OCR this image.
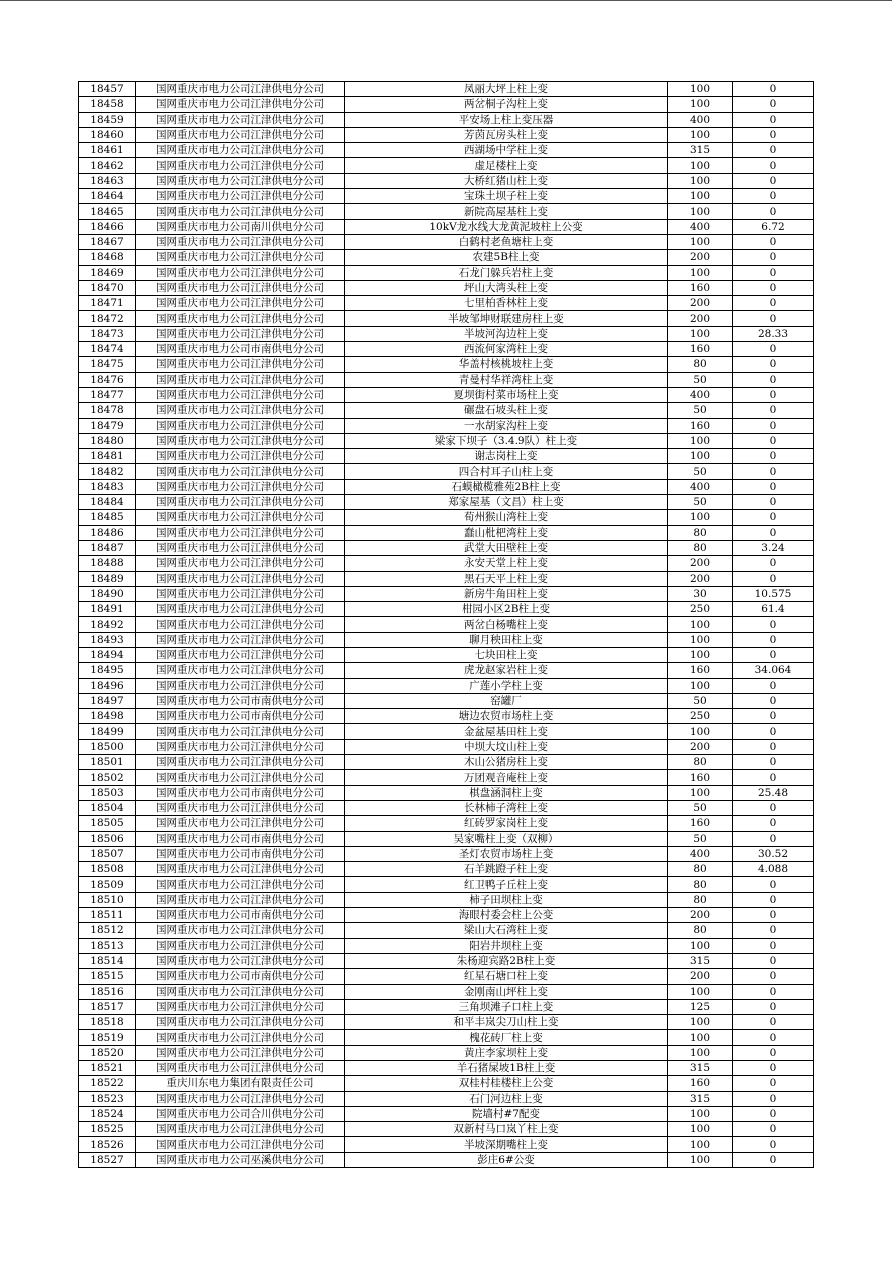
18457	国网重庆市电力公司江津供电分公司	凤丽大坪上柱上变	100	0
18458	国网重庆市电力公司江津供电分公司	两岔桐子沟柱上变	100	0
18459	国网重庆市电力公司江津供电分公司	平安场上柱上变压器	400	0
18460	国网重庆市电力公司江津供电分公司	芳茵瓦房头柱上变	100	0
18461	国网重庆市电力公司江津供电分公司	西湖场中学柱上变	315	0
18462	国网重庆市电力公司江津供电分公司	虚足楼柱上变	100	0
18463	国网重庆市电力公司江津供电分公司	大桥红猪山柱上变	100	0
18464	国网重庆市电力公司江津供电分公司	宝珠土坝子柱上变	100	0
18465	国网重庆市电力公司江津供电分公司	新院高屋基柱上变	100	0
18466	国网重庆市电力公司南川供电分公司	10kV龙水线大龙黄泥坡柱上公变	400	6.72
18467	国网重庆市电力公司江津供电分公司	白鹤村老鱼塘柱上变	100	0
18468	国网重庆市电力公司江津供电分公司	农建5B柱上变	200	0
18469	国网重庆市电力公司江津供电分公司	石龙门躲兵岩柱上变	100	0
18470	国网重庆市电力公司江津供电分公司	坪山大湾头柱上变	160	0
18471	国网重庆市电力公司江津供电分公司	七里柏香林柱上变	200	0
18472	国网重庆市电力公司江津供电分公司	半坡邹坤财联建房柱上变	200	0
18473	国网重庆市电力公司江津供电分公司	半坡河沟边柱上变	100	28.33
18474	国网重庆市电力公司市南供电分公司	西流何家湾柱上变	160	0
18475	国网重庆市电力公司江津供电分公司	华盖村核桃坡柱上变	80	0
18476	国网重庆市电力公司江津供电分公司	青曼村华祥湾柱上变	50	0
18477	国网重庆市电力公司江津供电分公司	夏坝街村菜市场柱上变	400	0
18478	国网重庆市电力公司江津供电分公司	碾盘石坡头柱上变	50	0
18479	国网重庆市电力公司江津供电分公司	一水胡家沟柱上变	160	0
18480	国网重庆市电力公司江津供电分公司	梁家下坝子（3.4.9队）柱上变	100	0
18481	国网重庆市电力公司江津供电分公司	谢志岗柱上变	100	0
18482	国网重庆市电力公司江津供电分公司	四合村耳子山柱上变	50	0
18483	国网重庆市电力公司江津供电分公司	石蟆橄榄雅苑2B柱上变	400	0
18484	国网重庆市电力公司江津供电分公司	郑家屋基（文昌）柱上变	50	0
18485	国网重庆市电力公司江津供电分公司	荀州猴山湾柱上变	100	0
18486	国网重庆市电力公司江津供电分公司	蠢山枇杷湾柱上变	80	0
18487	国网重庆市电力公司江津供电分公司	武堂大田壁柱上变	80	3.24
18488	国网重庆市电力公司江津供电分公司	永安天堂上柱上变	200	0
18489	国网重庆市电力公司江津供电分公司	黑石天平上柱上变	200	0
18490	国网重庆市电力公司江津供电分公司	新房牛角田柱上变	30	10.575
18491	国网重庆市电力公司江津供电分公司	柑园小区2B柱上变	250	61.4
18492	国网重庆市电力公司江津供电分公司	两岔白杨嘴柱上变	100	0
18493	国网重庆市电力公司江津供电分公司	聊月秧田柱上变	100	0
18494	国网重庆市电力公司江津供电分公司	七块田柱上变	100	0
18495	国网重庆市电力公司江津供电分公司	虎龙赵家岩柱上变	160	34.064
18496	国网重庆市电力公司江津供电分公司	广莲小学柱上变	100	0
18497	国网重庆市电力公司市南供电分公司	窑罐厂	50	0
18498	国网重庆市电力公司市南供电分公司	塘边农贸市场柱上变	250	0
18499	国网重庆市电力公司江津供电分公司	金盆屋基田柱上变	100	0
18500	国网重庆市电力公司江津供电分公司	中坝大坟山柱上变	200	0
18501	国网重庆市电力公司江津供电分公司	木山公猪房柱上变	80	0
18502	国网重庆市电力公司江津供电分公司	万团观音庵柱上变	160	0
18503	国网重庆市电力公司市南供电分公司	棋盘涵洞柱上变	100	25.48
18504	国网重庆市电力公司江津供电分公司	长林柿子湾柱上变	50	0
18505	国网重庆市电力公司江津供电分公司	红砖罗家岗柱上变	160	0
18506	国网重庆市电力公司市南供电分公司	吴家嘴柱上变（双柳）	50	0
18507	国网重庆市电力公司市南供电分公司	圣灯农贸市场柱上变	400	30.52
18508	国网重庆市电力公司江津供电分公司	石羊跳蹬子柱上变	80	4.088
18509	国网重庆市电力公司江津供电分公司	红卫鸭子丘柱上变	80	0
18510	国网重庆市电力公司江津供电分公司	柿子田坝柱上变	80	0
18511	国网重庆市电力公司市南供电分公司	海眼村委会柱上公变	200	0
18512	国网重庆市电力公司江津供电分公司	梁山大石湾柱上变	80	0
18513	国网重庆市电力公司江津供电分公司	阳岩井坝柱上变	100	0
18514	国网重庆市电力公司江津供电分公司	朱杨迎宾路2B柱上变	315	0
18515	国网重庆市电力公司市南供电分公司	红星石塘口柱上变	200	0
18516	国网重庆市电力公司江津供电分公司	金刚南山坪柱上变	100	0
18517	国网重庆市电力公司江津供电分公司	三角坝滩子口柱上变	125	0
18518	国网重庆市电力公司江津供电分公司	和平丰岚尖刀山柱上变	100	0
18519	国网重庆市电力公司江津供电分公司	槐花砖厂柱上变	100	0
18520	国网重庆市电力公司江津供电分公司	黄庄李家坝柱上变	100	0
18521	国网重庆市电力公司江津供电分公司	羊石猪屎坡1B柱上变	315	0
18522	重庆川东电力集团有限责任公司	双桂村桂楼柱上公变	160	0
18523	国网重庆市电力公司江津供电分公司	石门河边柱上变	315	0
18524	国网重庆市电力公司合川供电分公司	院墙村#7配变	100	0
18525	国网重庆市电力公司江津供电分公司	双新村马口岚丫柱上变	100	0
18526	国网重庆市电力公司江津供电分公司	半坡深期嘴柱上变	100	0
18527	国网重庆市电力公司巫溪供电分公司	彭庄6#公变	100	0
